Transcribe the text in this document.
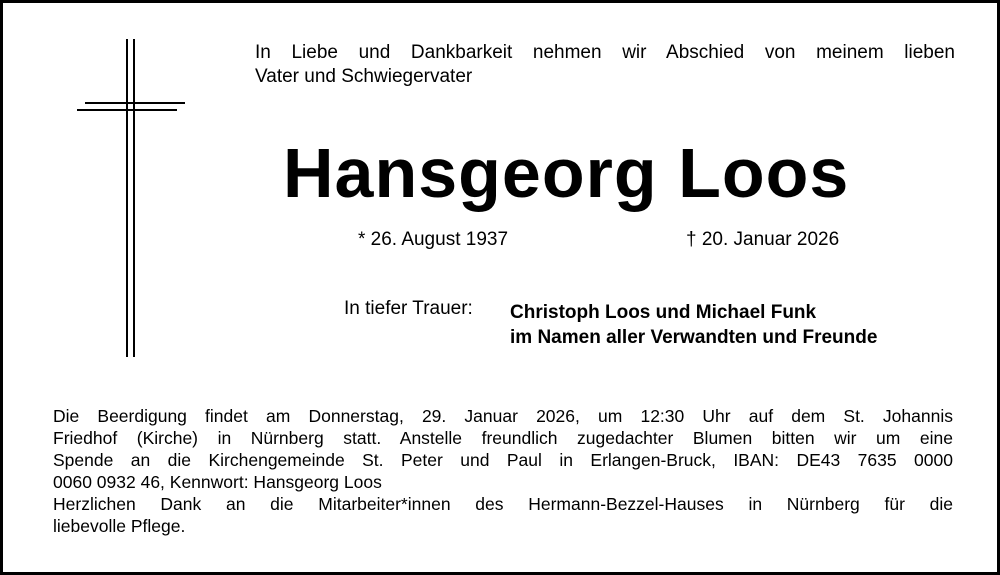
In Liebe und Dankbarkeit nehmen wir Abschied von meinem lieben
Vater und Schwiegervater
Hansgeorg Loos
* 26. August 1937	† 20. Januar 2026
In tiefer Trauer: Christoph Loos und Michael Funk
im Namen aller Verwandten und Freunde
Die Beerdigung findet am Donnerstag, 29. Januar 2026, um 12:30 Uhr auf dem St. Johannis
Friedhof (Kirche) in Nürnberg statt. Anstelle freundlich zugedachter Blumen bitten wir um eine
Spende an die Kirchengemeinde St. Peter und Paul in Erlangen-Bruck, IBAN: DE43 7635 0000
0060 0932 46, Kennwort: Hansgeorg Loos
Herzlichen Dank an die Mitarbeiter*innen des Hermann-Bezzel-Hauses in Nürnberg für die
liebevolle Pflege.
